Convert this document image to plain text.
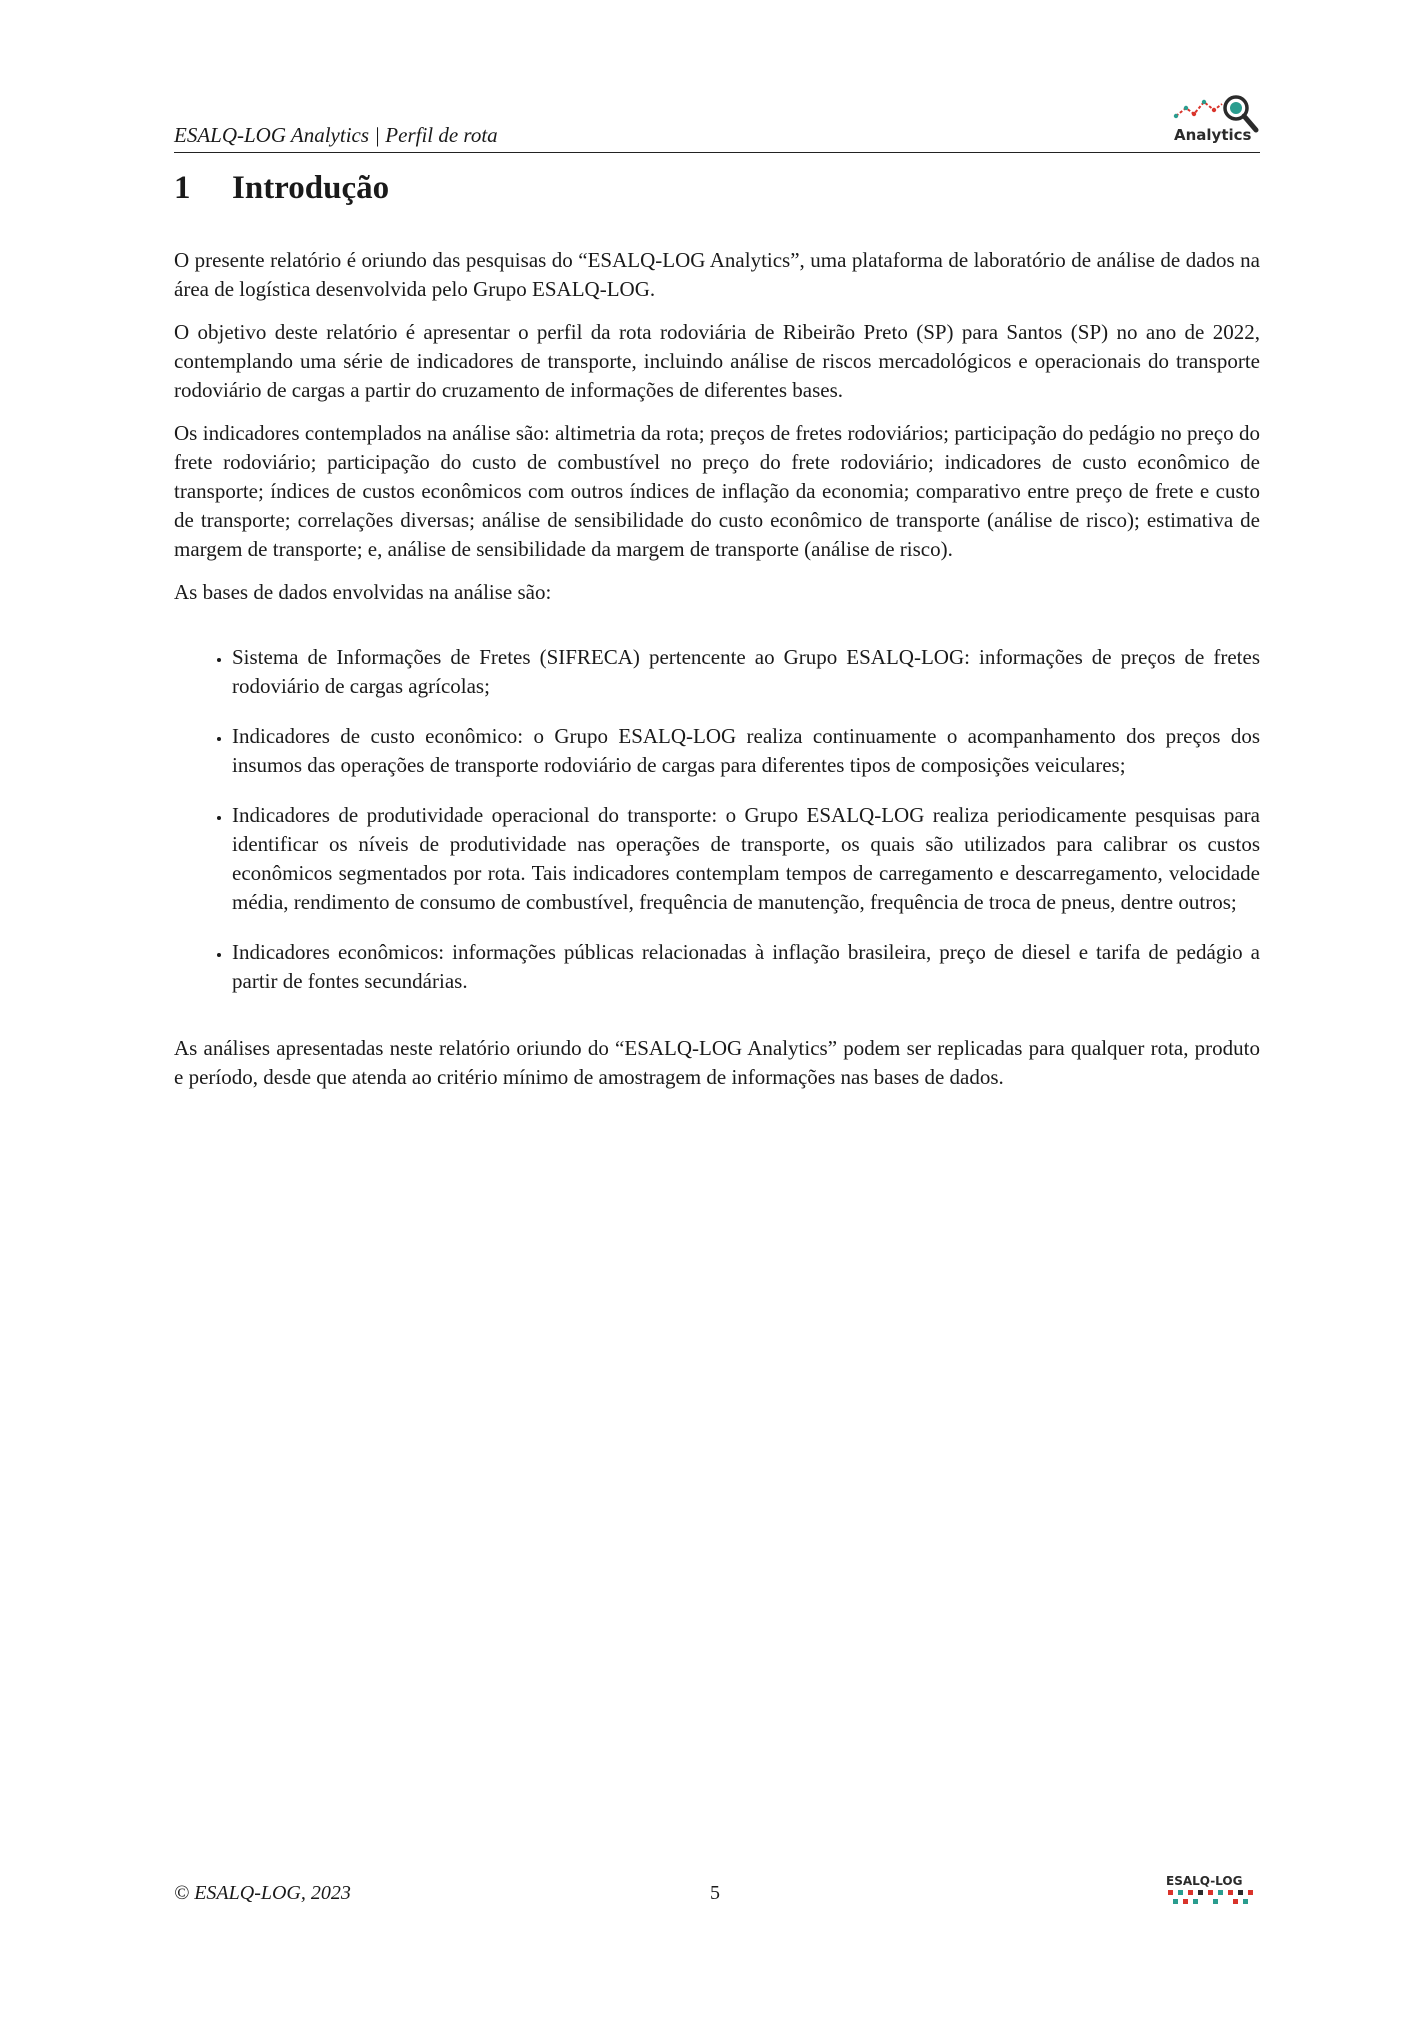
ESALQ-LOG Analytics | Perfil de rota	Analytics
1 Introdução

O presente relatório é oriundo das pesquisas do “ESALQ-LOG Analytics”, uma plataforma de laboratório de análise de dados na área de logística desenvolvida pelo Grupo ESALQ-LOG.

O objetivo deste relatório é apresentar o perfil da rota rodoviária de Ribeirão Preto (SP) para Santos (SP) no ano de 2022, contemplando uma série de indicadores de transporte, incluindo análise de riscos mercadológicos e operacionais do transporte rodoviário de cargas a partir do cruzamento de informações de diferentes bases.

Os indicadores contemplados na análise são: altimetria da rota; preços de fretes rodoviários; participação do pedágio no preço do frete rodoviário; participação do custo de combustível no preço do frete rodoviário; indicadores de custo econômico de transporte; índices de custos econômicos com outros índices de inflação da economia; comparativo entre preço de frete e custo de transporte; correlações diversas; análise de sensibilidade do custo econômico de transporte (análise de risco); estimativa de margem de transporte; e, análise de sensibilidade da margem de transporte (análise de risco).

As bases de dados envolvidas na análise são:

• Sistema de Informações de Fretes (SIFRECA) pertencente ao Grupo ESALQ-LOG: informações de preços de fretes rodoviário de cargas agrícolas;
• Indicadores de custo econômico: o Grupo ESALQ-LOG realiza continuamente o acompanhamento dos preços dos insumos das operações de transporte rodoviário de cargas para diferentes tipos de composições veiculares;
• Indicadores de produtividade operacional do transporte: o Grupo ESALQ-LOG realiza periodicamente pesquisas para identificar os níveis de produtividade nas operações de transporte, os quais são utilizados para calibrar os custos econômicos segmentados por rota. Tais indicadores contemplam tempos de carregamento e descarregamento, velocidade média, rendimento de consumo de combustível, frequência de manutenção, frequência de troca de pneus, dentre outros;
• Indicadores econômicos: informações públicas relacionadas à inflação brasileira, preço de diesel e tarifa de pedágio a partir de fontes secundárias.

As análises apresentadas neste relatório oriundo do “ESALQ-LOG Analytics” podem ser replicadas para qualquer rota, produto e período, desde que atenda ao critério mínimo de amostragem de informações nas bases de dados.

© ESALQ-LOG, 2023	5
ESALQ-LOG
